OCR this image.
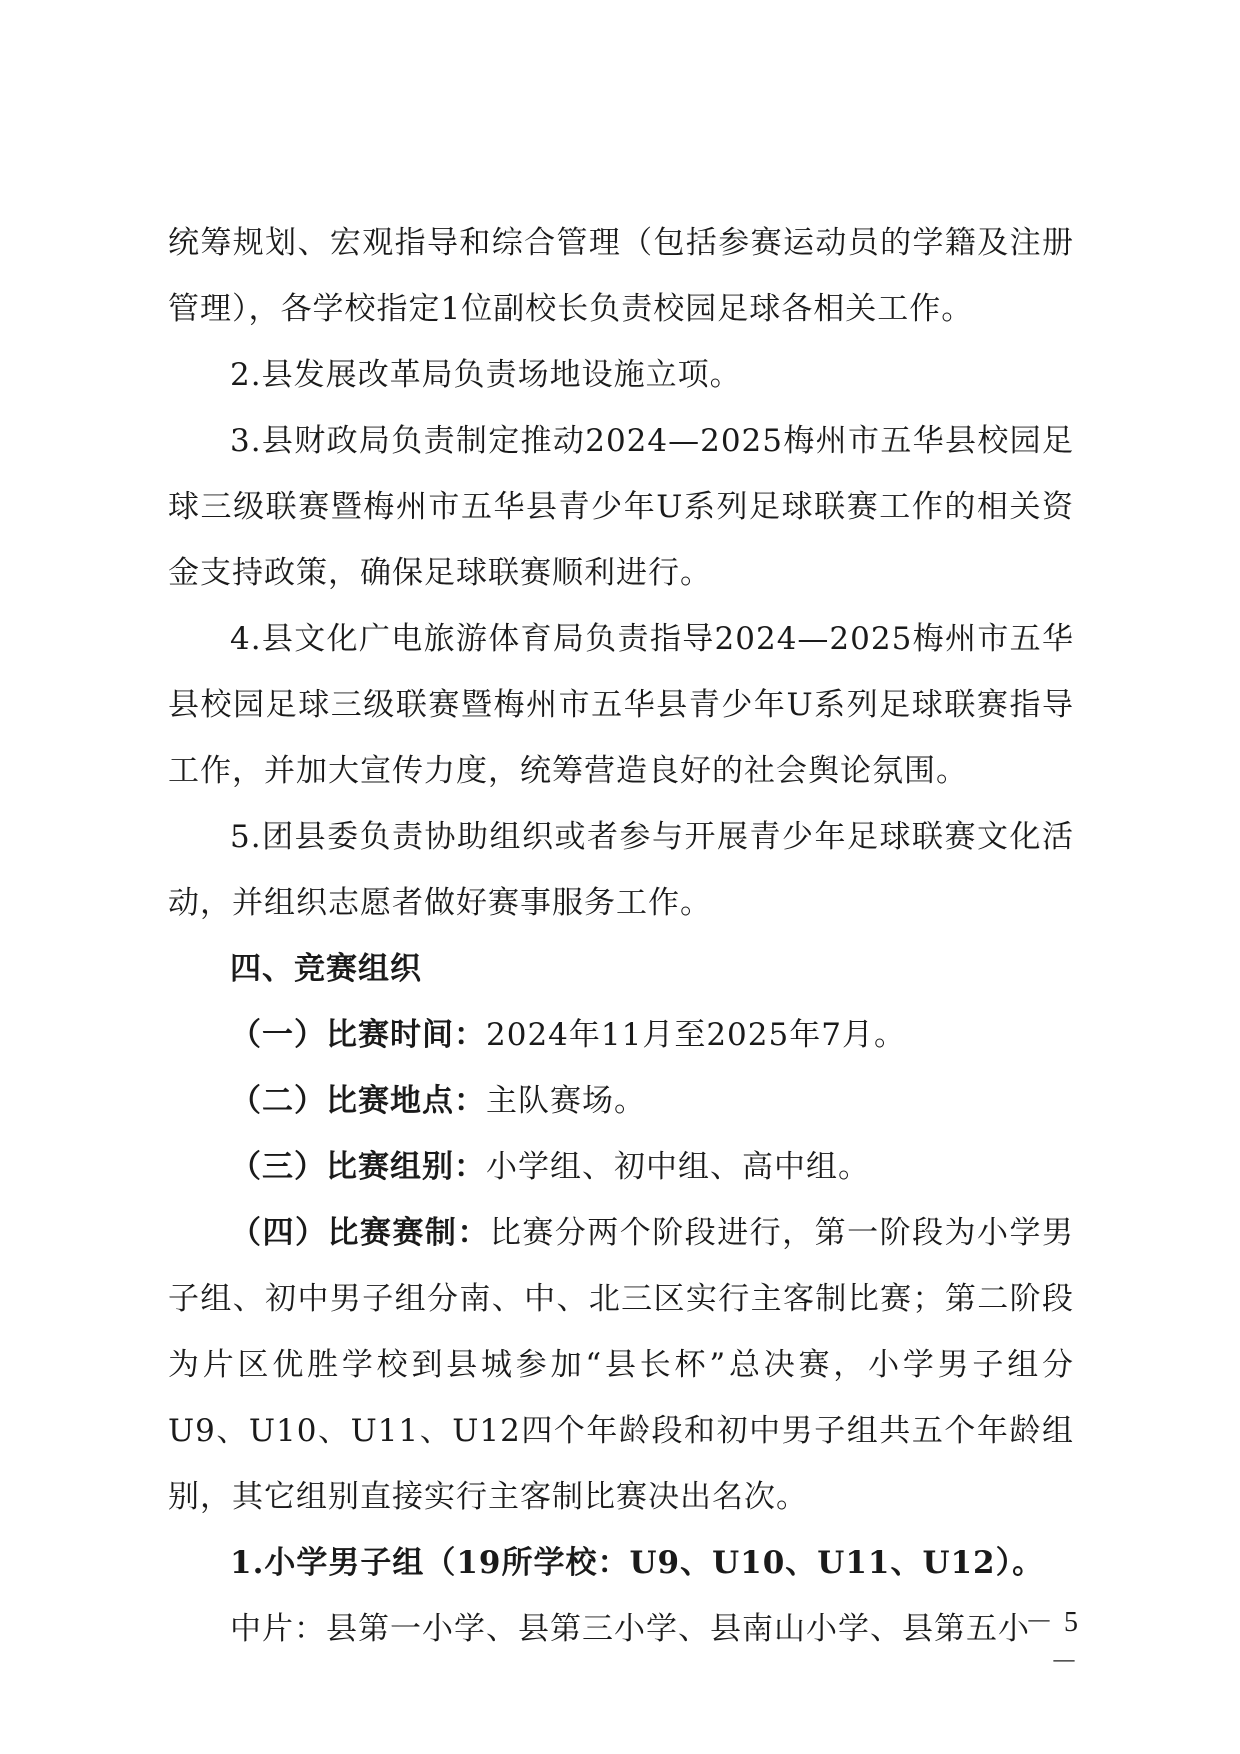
统筹规划、宏观指导和综合管理（包括参赛运动员的学籍及注册管理），各学校指定1位副校长负责校园足球各相关工作。

2.县发展改革局负责场地设施立项。

3.县财政局负责制定推动2024—2025梅州市五华县校园足球三级联赛暨梅州市五华县青少年U系列足球联赛工作的相关资金支持政策，确保足球联赛顺利进行。

4.县文化广电旅游体育局负责指导2024—2025梅州市五华县校园足球三级联赛暨梅州市五华县青少年U系列足球联赛指导工作，并加大宣传力度，统筹营造良好的社会舆论氛围。

5.团县委负责协助组织或者参与开展青少年足球联赛文化活动，并组织志愿者做好赛事服务工作。

四、竞赛组织

（一）比赛时间：2024年11月至2025年7月。

（二）比赛地点：主队赛场。

（三）比赛组别：小学组、初中组、高中组。

（四）比赛赛制：比赛分两个阶段进行，第一阶段为小学男子组、初中男子组分南、中、北三区实行主客制比赛；第二阶段为片区优胜学校到县城参加“县长杯”总决赛，小学男子组分U9、U10、U11、U12四个年龄段和初中男子组共五个年龄组别，其它组别直接实行主客制比赛决出名次。

1.小学男子组（19所学校：U9、U10、U11、U12）。

中片：县第一小学、县第三小学、县南山小学、县第五小

－ 5 －
